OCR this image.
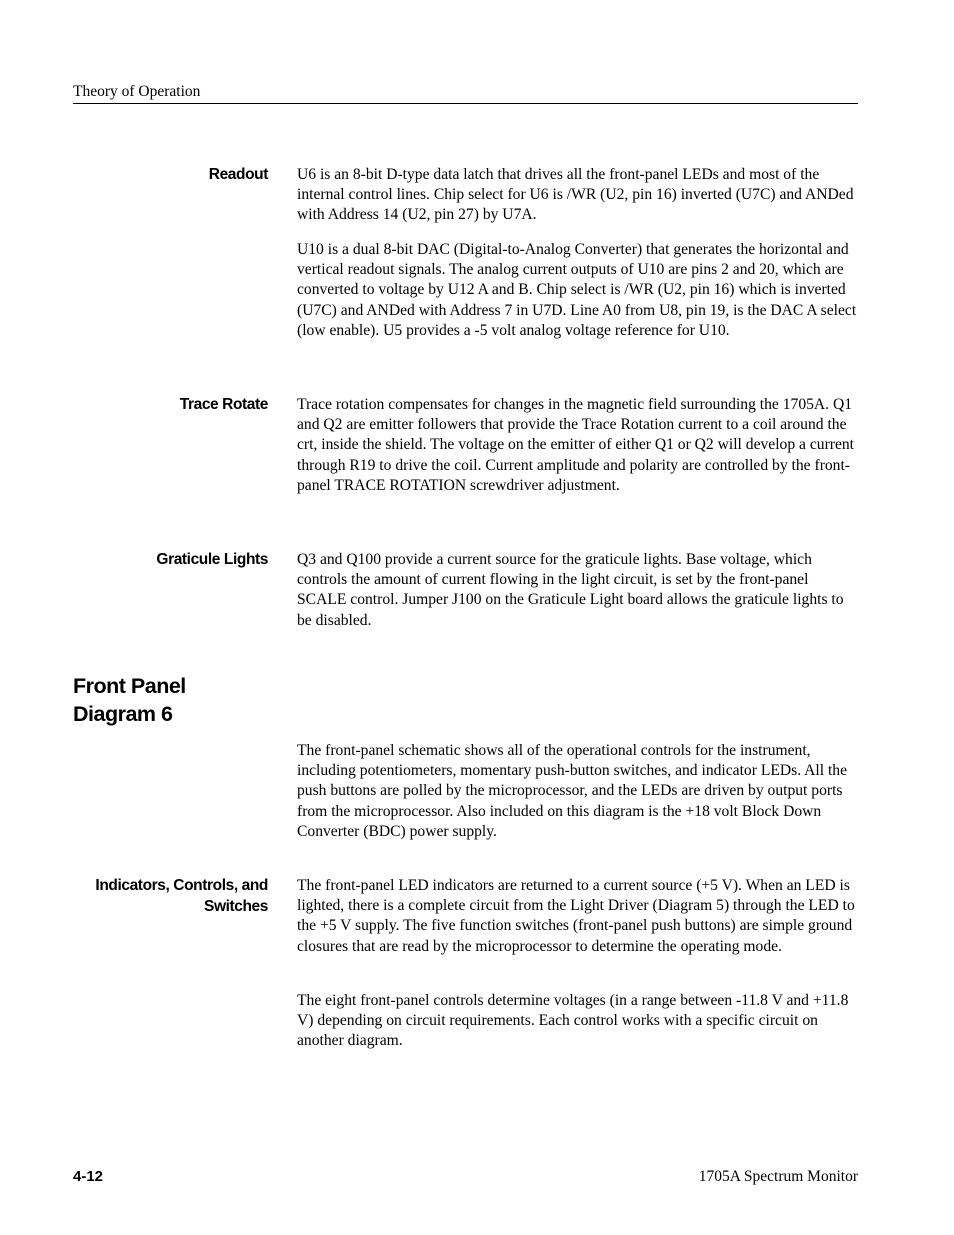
Theory of Operation
Readout U6 is an 8-bit D-type data latch that drives all the front-panel LEDs and most of the internal control lines. Chip select for U6 is /WR (U2, pin 16) inverted (U7C) and ANDed with Address 14 (U2, pin 27) by U7A.

U10 is a dual 8-bit DAC (Digital-to-Analog Converter) that generates the horizontal and vertical readout signals. The analog current outputs of U10 are pins 2 and 20, which are converted to voltage by U12 A and B. Chip select is /WR (U2, pin 16) which is inverted (U7C) and ANDed with Address 7 in U7D. Line A0 from U8, pin 19, is the DAC A select (low enable). U5 provides a -5 volt analog voltage reference for U10.

Trace Rotate Trace rotation compensates for changes in the magnetic field surrounding the 1705A. Q1 and Q2 are emitter followers that provide the Trace Rotation current to a coil around the crt, inside the shield. The voltage on the emitter of either Q1 or Q2 will develop a current through R19 to drive the coil. Current amplitude and polarity are controlled by the front-panel TRACE ROTATION screwdriver adjustment.

Graticule Lights Q3 and Q100 provide a current source for the graticule lights. Base voltage, which controls the amount of current flowing in the light circuit, is set by the front-panel SCALE control. Jumper J100 on the Graticule Light board allows the graticule lights to be disabled.

Front Panel
Diagram 6

The front-panel schematic shows all of the operational controls for the instrument, including potentiometers, momentary push-button switches, and indicator LEDs. All the push buttons are polled by the microprocessor, and the LEDs are driven by output ports from the microprocessor. Also included on this diagram is the +18 volt Block Down Converter (BDC) power supply.

Indicators, Controls, and
Switches

The front-panel LED indicators are returned to a current source (+5 V). When an LED is lighted, there is a complete circuit from the Light Driver (Diagram 5) through the LED to the +5 V supply. The five function switches (front-panel push buttons) are simple ground closures that are read by the microprocessor to determine the operating mode.

The eight front-panel controls determine voltages (in a range between -11.8 V and +11.8 V) depending on circuit requirements. Each control works with a specific circuit on another diagram.

4-12	1705A Spectrum Monitor
